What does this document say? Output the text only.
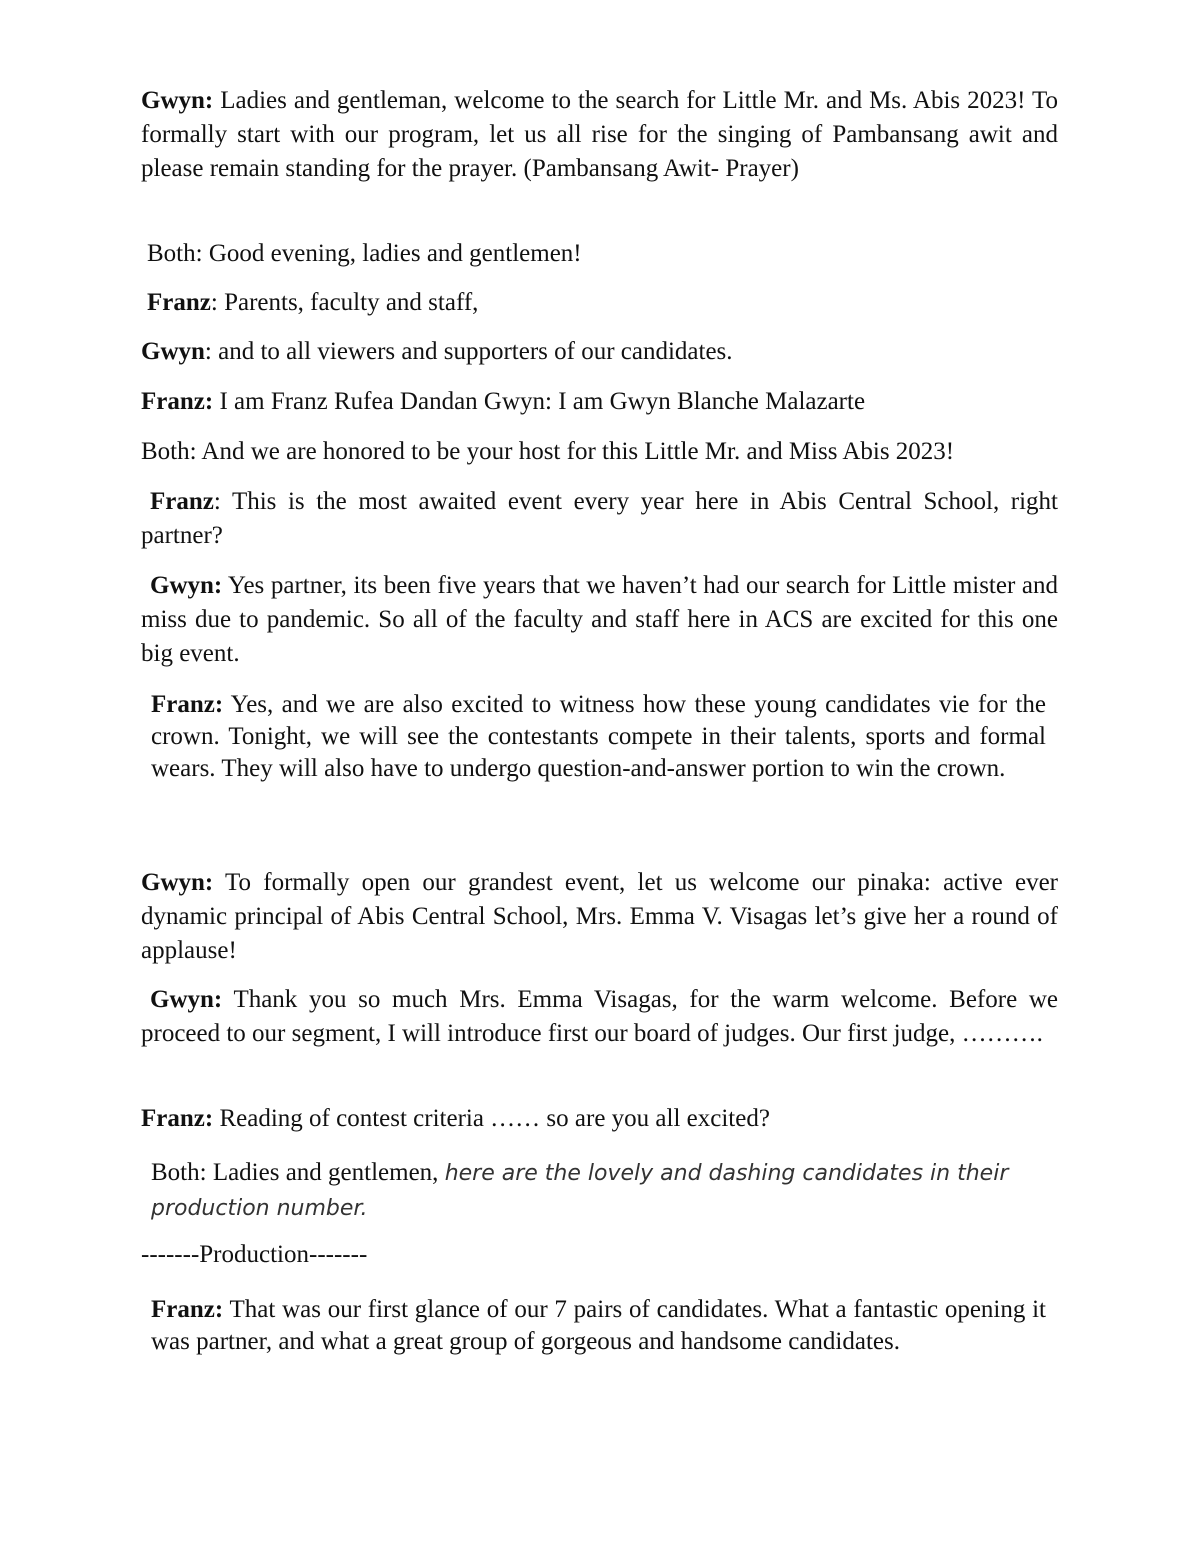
Gwyn: Ladies and gentleman, welcome to the search for Little Mr. and Ms. Abis 2023! To formally start with our program, let us all rise for the singing of Pambansang awit and please remain standing for the prayer. (Pambansang Awit- Prayer)

Both: Good evening, ladies and gentlemen!

Franz: Parents, faculty and staff,

Gwyn: and to all viewers and supporters of our candidates.

Franz: I am Franz Rufea Dandan Gwyn: I am Gwyn Blanche Malazarte

Both: And we are honored to be your host for this Little Mr. and Miss Abis 2023!

Franz: This is the most awaited event every year here in Abis Central School, right partner?

Gwyn: Yes partner, its been five years that we haven’t had our search for Little mister and miss due to pandemic. So all of the faculty and staff here in ACS are excited for this one big event.

Franz: Yes, and we are also excited to witness how these young candidates vie for the crown. Tonight, we will see the contestants compete in their talents, sports and formal wears. They will also have to undergo question-and-answer portion to win the crown.

Gwyn: To formally open our grandest event, let us welcome our pinaka: active ever dynamic principal of Abis Central School, Mrs. Emma V. Visagas let’s give her a round of applause!

Gwyn: Thank you so much Mrs. Emma Visagas, for the warm welcome. Before we proceed to our segment, I will introduce first our board of judges. Our first judge, ……….

Franz: Reading of contest criteria …… so are you all excited?

Both: Ladies and gentlemen, here are the lovely and dashing candidates in their production number.

-------Production-------

Franz: That was our first glance of our 7 pairs of candidates. What a fantastic opening it was partner, and what a great group of gorgeous and handsome candidates.
